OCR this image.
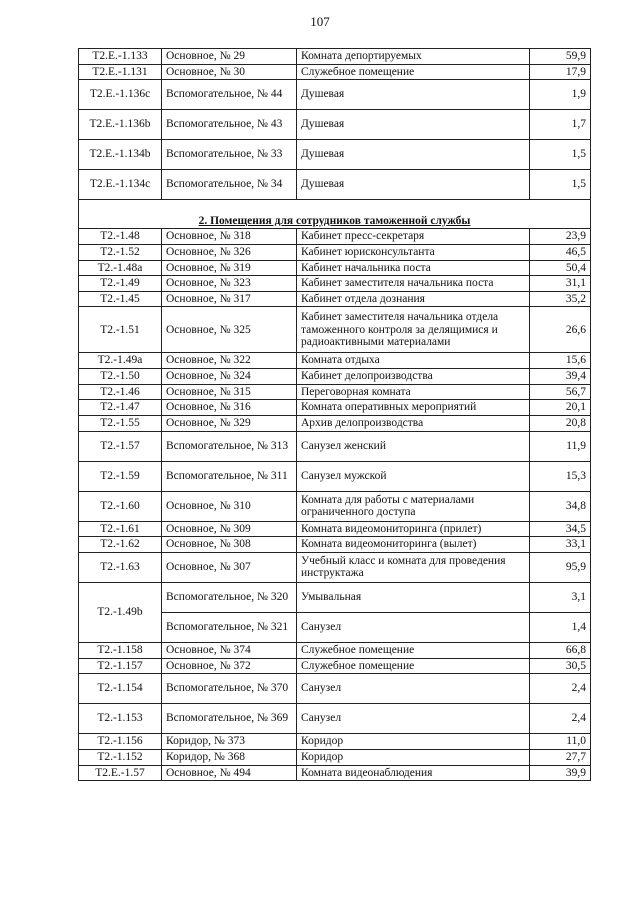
107
Т2.Е.-1.133	Основное, № 29	Комната депортируемых	59,9
Т2.Е.-1.131	Основное, № 30	Служебное помещение	17,9
Т2.Е.-1.136c	Вспомогательное, № 44	Душевая	1,9
Т2.Е.-1.136b	Вспомогательное, № 43	Душевая	1,7
Т2.Е.-1.134b	Вспомогательное, № 33	Душевая	1,5
Т2.Е.-1.134c	Вспомогательное, № 34	Душевая	1,5
2. Помещения для сотрудников таможенной службы			
Т2.-1.48	Основное, № 318	Кабинет пресс-секретаря	23,9
Т2.-1.52	Основное, № 326	Кабинет юрисконсультанта	46,5
Т2.-1.48a	Основное, № 319	Кабинет начальника поста	50,4
Т2.-1.49	Основное, № 323	Кабинет заместителя начальника поста	31,1
Т2.-1.45	Основное, № 317	Кабинет отдела дознания	35,2
Т2.-1.51	Основное, № 325	Кабинет заместителя начальника отдела таможенного контроля за делящимися и радиоактивными материалами	26,6
Т2.-1.49a	Основное, № 322	Комната отдыха	15,6
Т2.-1.50	Основное, № 324	Кабинет делопроизводства	39,4
Т2.-1.46	Основное, № 315	Переговорная комната	56,7
Т2.-1.47	Основное, № 316	Комната оперативных мероприятий	20,1
Т2.-1.55	Основное, № 329	Архив делопроизводства	20,8
Т2.-1.57	Вспомогательное, № 313	Санузел женский	11,9
Т2.-1.59	Вспомогательное, № 311	Санузел мужской	15,3
Т2.-1.60	Основное, № 310	Комната для работы с материалами ограниченного доступа	34,8
Т2.-1.61	Основное, № 309	Комната видеомониторинга (прилет)	34,5
Т2.-1.62	Основное, № 308	Комната видеомониторинга (вылет)	33,1
Т2.-1.63	Основное, № 307	Учебный класс и комната для проведения инструктажа	95,9
Т2.-1.49b	Вспомогательное, № 320	Умывальная	3,1
	Вспомогательное, № 321	Санузел	1,4
Т2.-1.158	Основное, № 374	Служебное помещение	66,8
Т2.-1.157	Основное, № 372	Служебное помещение	30,5
Т2.-1.154	Вспомогательное, № 370	Санузел	2,4
Т2.-1.153	Вспомогательное, № 369	Санузел	2,4
Т2.-1.156	Коридор, № 373	Коридор	11,0
Т2.-1.152	Коридор, № 368	Коридор	27,7
Т2.Е.-1.57	Основное, № 494	Комната видеонаблюдения	39,9
